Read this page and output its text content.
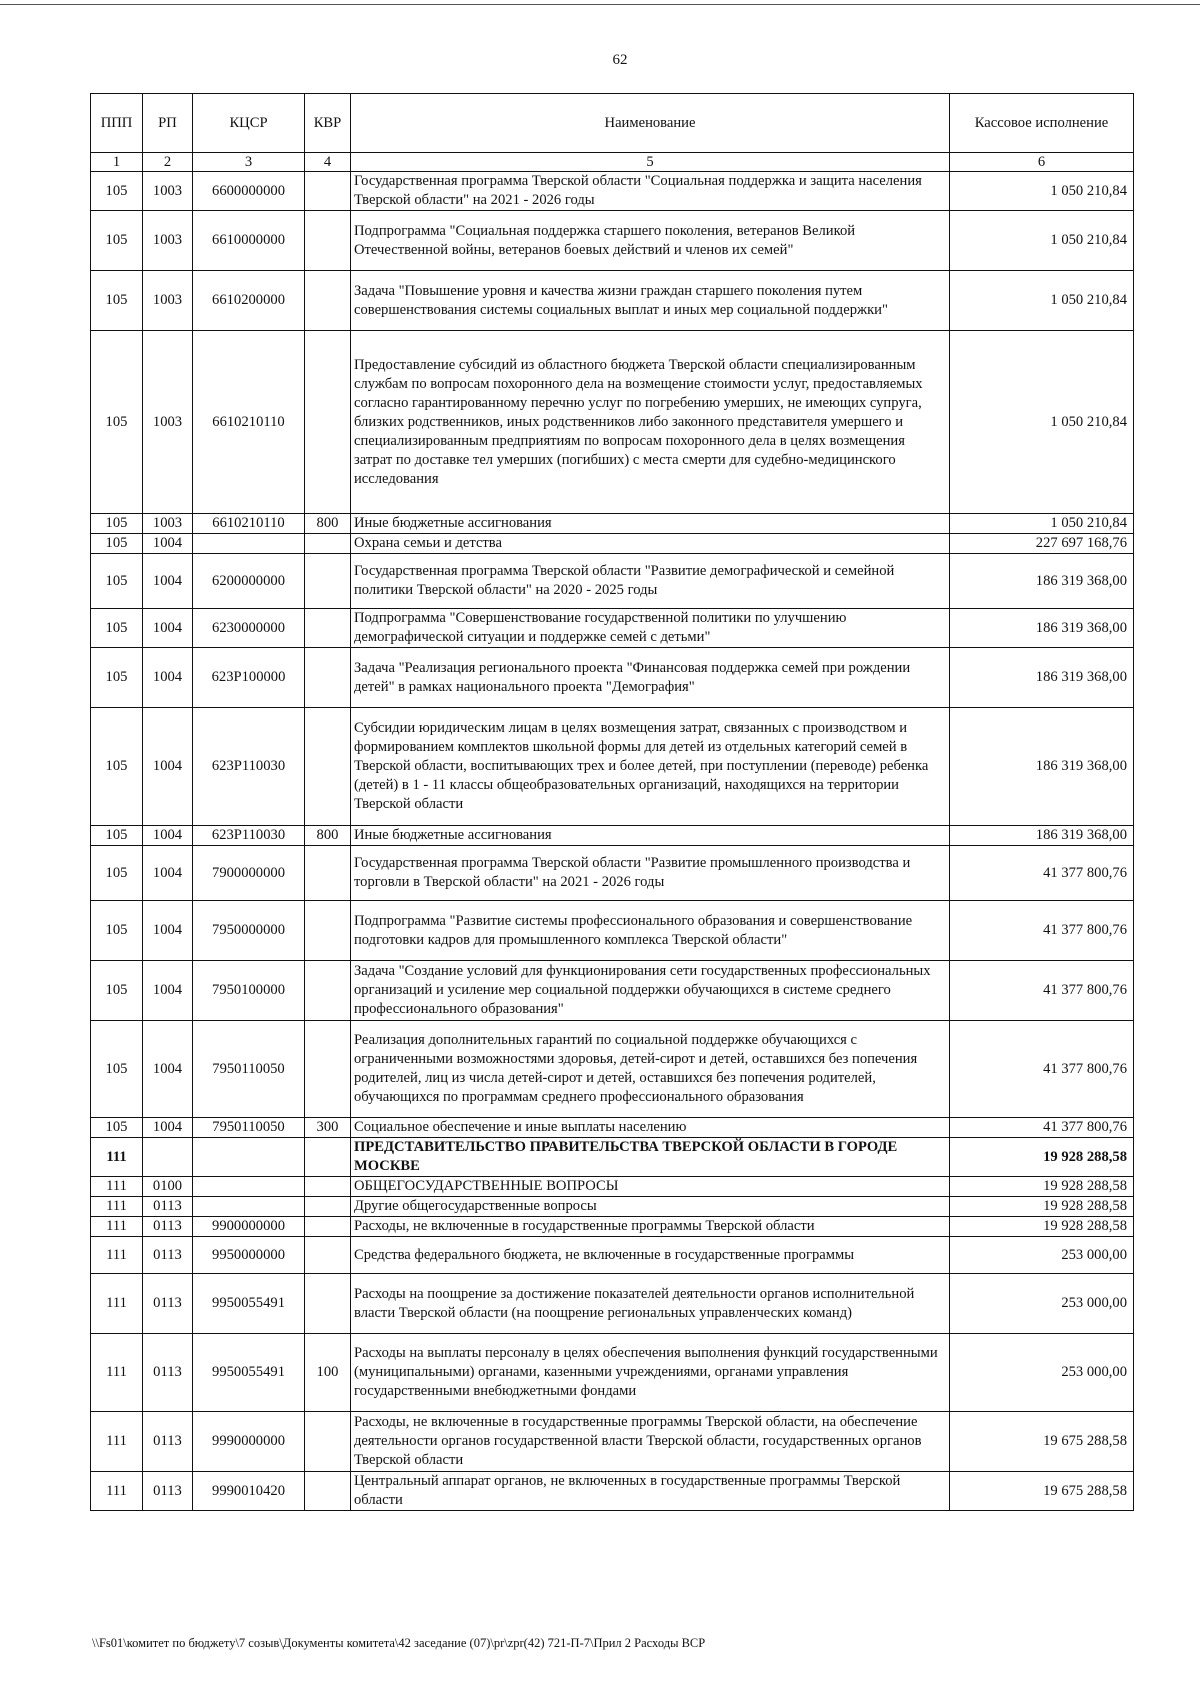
62
ППП	РП	КЦСР	КВР	Наименование	Кассовое исполнение
1	2	3	4	5	6
105	1003	6600000000		Государственная программа Тверской области "Социальная поддержка и защита населения Тверской области" на 2021 - 2026 годы	1 050 210,84
105	1003	6610000000		Подпрограмма "Социальная поддержка старшего поколения, ветеранов Великой Отечественной войны, ветеранов боевых действий и членов их семей"	1 050 210,84
105	1003	6610200000		Задача "Повышение уровня и качества жизни граждан старшего поколения путем совершенствования системы социальных выплат и иных мер социальной поддержки"	1 050 210,84
105	1003	6610210110		Предоставление субсидий из областного бюджета Тверской области специализированным службам по вопросам похоронного дела на возмещение стоимости услуг, предоставляемых согласно гарантированному перечню услуг по погребению умерших, не имеющих супруга, близких родственников, иных родственников либо законного представителя умершего и специализированным предприятиям по вопросам похоронного дела в целях возмещения затрат по доставке тел умерших (погибших) с места смерти для судебно-медицинского исследования	1 050 210,84
105	1003	6610210110	800	Иные бюджетные ассигнования	1 050 210,84
105	1004			Охрана семьи и детства	227 697 168,76
105	1004	6200000000		Государственная программа Тверской области "Развитие демографической и семейной политики Тверской области" на 2020 - 2025 годы	186 319 368,00
105	1004	6230000000		Подпрограмма "Совершенствование государственной политики по улучшению демографической ситуации и поддержке семей с детьми"	186 319 368,00
105	1004	623P100000		Задача "Реализация регионального проекта "Финансовая поддержка семей при рождении детей" в рамках национального проекта "Демография"	186 319 368,00
105	1004	623P110030		Субсидии юридическим лицам в целях возмещения затрат, связанных с производством и формированием комплектов школьной формы для детей из отдельных категорий семей в Тверской области, воспитывающих трех и более детей, при поступлении (переводе) ребенка (детей) в 1 - 11 классы общеобразовательных организаций, находящихся на территории Тверской области	186 319 368,00
105	1004	623P110030	800	Иные бюджетные ассигнования	186 319 368,00
105	1004	7900000000		Государственная программа Тверской области "Развитие промышленного производства и торговли в Тверской области" на 2021 - 2026 годы	41 377 800,76
105	1004	7950000000		Подпрограмма "Развитие системы профессионального образования и совершенствование подготовки кадров для промышленного комплекса Тверской области"	41 377 800,76
105	1004	7950100000		Задача "Создание условий для функционирования сети государственных профессиональных организаций и усиление мер социальной поддержки обучающихся в системе среднего профессионального образования"	41 377 800,76
105	1004	7950110050		Реализация дополнительных гарантий по социальной поддержке обучающихся с ограниченными возможностями здоровья, детей-сирот и детей, оставшихся без попечения родителей, лиц из числа детей-сирот и детей, оставшихся без попечения родителей, обучающихся по программам среднего профессионального образования	41 377 800,76
105	1004	7950110050	300	Социальное обеспечение и иные выплаты населению	41 377 800,76
111				ПРЕДСТАВИТЕЛЬСТВО ПРАВИТЕЛЬСТВА ТВЕРСКОЙ ОБЛАСТИ В ГОРОДЕ МОСКВЕ	19 928 288,58
111	0100			ОБЩЕГОСУДАРСТВЕННЫЕ ВОПРОСЫ	19 928 288,58
111	0113			Другие общегосударственные вопросы	19 928 288,58
111	0113	9900000000		Расходы, не включенные в государственные программы Тверской области	19 928 288,58
111	0113	9950000000		Средства федерального бюджета, не включенные в государственные программы	253 000,00
111	0113	9950055491		Расходы на поощрение за достижение показателей деятельности органов исполнительной власти Тверской области (на поощрение региональных управленческих команд)	253 000,00
111	0113	9950055491	100	Расходы на выплаты персоналу в целях обеспечения выполнения функций государственными (муниципальными) органами, казенными учреждениями, органами управления государственными внебюджетными фондами	253 000,00
111	0113	9990000000		Расходы, не включенные в государственные программы Тверской области, на обеспечение деятельности органов государственной власти Тверской области, государственных органов Тверской области	19 675 288,58
111	0113	9990010420		Центральный аппарат органов, не включенных в государственные программы Тверской области	19 675 288,58
\\Fs01\комитет по бюджету\7 созыв\Документы комитета\42 заседание (07)\pr\zpr(42) 721-П-7\Прил 2 Расходы ВСР
